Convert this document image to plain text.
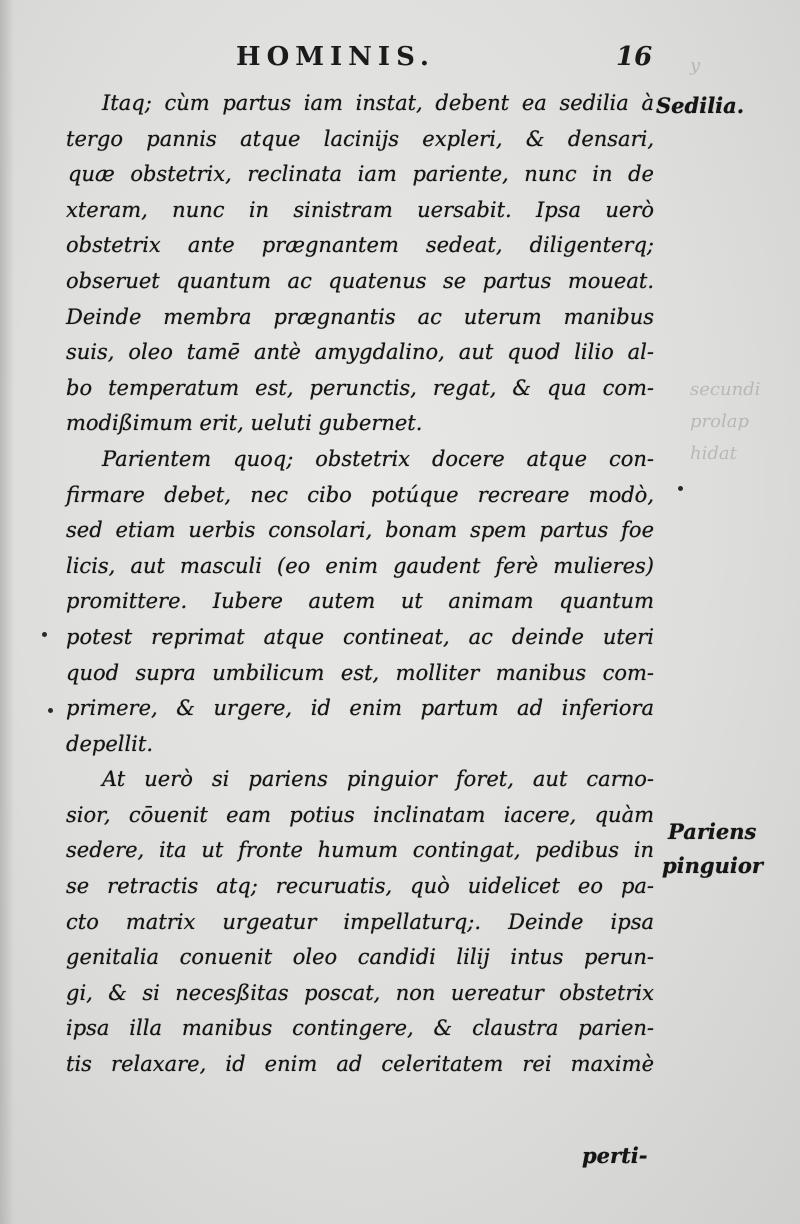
y
secundi
prolap
hidat
HOMINIS.	16
Itaq; cùm partus iam instat, debent ea sedilia à
tergo pannis atque lacinijs expleri, & densari,
quæ obstetrix, reclinata iam pariente, nunc in de
xteram, nunc in sinistram uersabit. Ipsa uerò
obstetrix ante prægnantem sedeat, diligenterq;
obseruet quantum ac quatenus se partus moueat.
Deinde membra prægnantis ac uterum manibus
suis, oleo tamē antè amygdalino, aut quod lilio al-
bo temperatum est, perunctis, regat, & qua com-
modißimum erit, ueluti gubernet.
Parientem quoq; obstetrix docere atque con-
firmare debet, nec cibo potúque recreare modò,
sed etiam uerbis consolari, bonam spem partus foe
licis, aut masculi (eo enim gaudent ferè mulieres)
promittere. Iubere autem ut animam quantum
potest reprimat atque contineat, ac deinde uteri
quod supra umbilicum est, molliter manibus com-
primere, & urgere, id enim partum ad inferiora
depellit.
At uerò si pariens pinguior foret, aut carno-
sior, cōuenit eam potius inclinatam iacere, quàm
sedere, ita ut fronte humum contingat, pedibus in
se retractis atq; recuruatis, quò uidelicet eo pa-
cto matrix urgeatur impellaturq;. Deinde ipsa
genitalia conuenit oleo candidi lilij intus perun-
gi, & si necesßitas poscat, non uereatur obstetrix
ipsa illa manibus contingere, & claustra parien-
tis relaxare, id enim ad celeritatem rei maximè
perti-
Sedilia.
Pariens
pinguior
